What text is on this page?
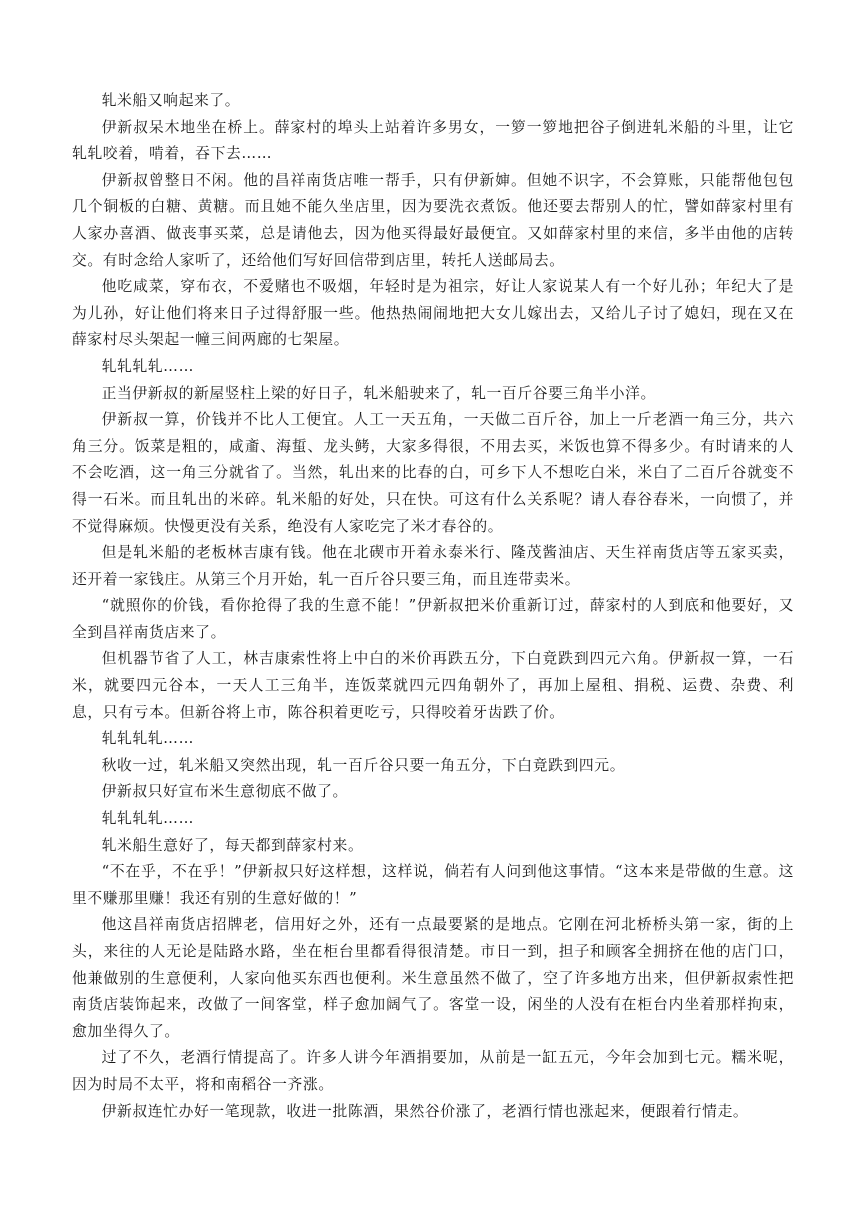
轧米船又响起来了。

伊新叔呆木地坐在桥上。薛家村的埠头上站着许多男女，一箩一箩地把谷子倒进轧米船的斗里，让它轧轧咬着，啃着，吞下去……

伊新叔曾整日不闲。他的昌祥南货店唯一帮手，只有伊新婶。但她不识字，不会算账，只能帮他包包几个铜板的白糖、黄糖。而且她不能久坐店里，因为要洗衣煮饭。他还要去帮别人的忙，譬如薛家村里有人家办喜酒、做丧事买菜，总是请他去，因为他买得最好最便宜。又如薛家村里的来信，多半由他的店转交。有时念给人家听了，还给他们写好回信带到店里，转托人送邮局去。

他吃咸菜，穿布衣，不爱赌也不吸烟，年轻时是为祖宗，好让人家说某人有一个好儿孙；年纪大了是为儿孙，好让他们将来日子过得舒服一些。他热热闹闹地把大女儿嫁出去，又给儿子讨了媳妇，现在又在薛家村尽头架起一幢三间两廊的七架屋。

轧轧轧轧……

正当伊新叔的新屋竖柱上梁的好日子，轧米船驶来了，轧一百斤谷要三角半小洋。

伊新叔一算，价钱并不比人工便宜。人工一天五角，一天做二百斤谷，加上一斤老酒一角三分，共六角三分。饭菜是粗的，咸齑、海蜇、龙头鲓，大家多得很，不用去买，米饭也算不得多少。有时请来的人不会吃酒，这一角三分就省了。当然，轧出来的比春的白，可乡下人不想吃白米，米白了二百斤谷就变不得一石米。而且轧出的米碎。轧米船的好处，只在快。可这有什么关系呢？请人春谷春米，一向惯了，并不觉得麻烦。快慢更没有关系，绝没有人家吃完了米才春谷的。

但是轧米船的老板林吉康有钱。他在北碶市开着永泰米行、隆茂酱油店、天生祥南货店等五家买卖，还开着一家钱庄。从第三个月开始，轧一百斤谷只要三角，而且连带卖米。

“就照你的价钱，看你抢得了我的生意不能！”伊新叔把米价重新订过，薛家村的人到底和他要好，又全到昌祥南货店来了。

但机器节省了人工，林吉康索性将上中白的米价再跌五分，下白竟跌到四元六角。伊新叔一算，一石米，就要四元谷本，一天人工三角半，连饭菜就四元四角朝外了，再加上屋租、捐税、运费、杂费、利息，只有亏本。但新谷将上市，陈谷积着更吃亏，只得咬着牙齿跌了价。

轧轧轧轧……

秋收一过，轧米船又突然出现，轧一百斤谷只要一角五分，下白竟跌到四元。

伊新叔只好宣布米生意彻底不做了。

轧轧轧轧……

轧米船生意好了，每天都到薛家村来。

“不在乎，不在乎！”伊新叔只好这样想，这样说，倘若有人问到他这事情。“这本来是带做的生意。这里不赚那里赚！我还有别的生意好做的！”

他这昌祥南货店招牌老，信用好之外，还有一点最要紧的是地点。它刚在河北桥桥头第一家，街的上头，来往的人无论是陆路水路，坐在柜台里都看得很清楚。市日一到，担子和顾客全拥挤在他的店门口，他兼做别的生意便利，人家向他买东西也便利。米生意虽然不做了，空了许多地方出来，但伊新叔索性把南货店装饰起来，改做了一间客堂，样子愈加阔气了。客堂一设，闲坐的人没有在柜台内坐着那样拘束，愈加坐得久了。

过了不久，老酒行情提高了。许多人讲今年酒捐要加，从前是一缸五元，今年会加到七元。糯米呢，因为时局不太平，将和南稻谷一齐涨。

伊新叔连忙办好一笔现款，收进一批陈酒，果然谷价涨了，老酒行情也涨起来，便跟着行情走。
